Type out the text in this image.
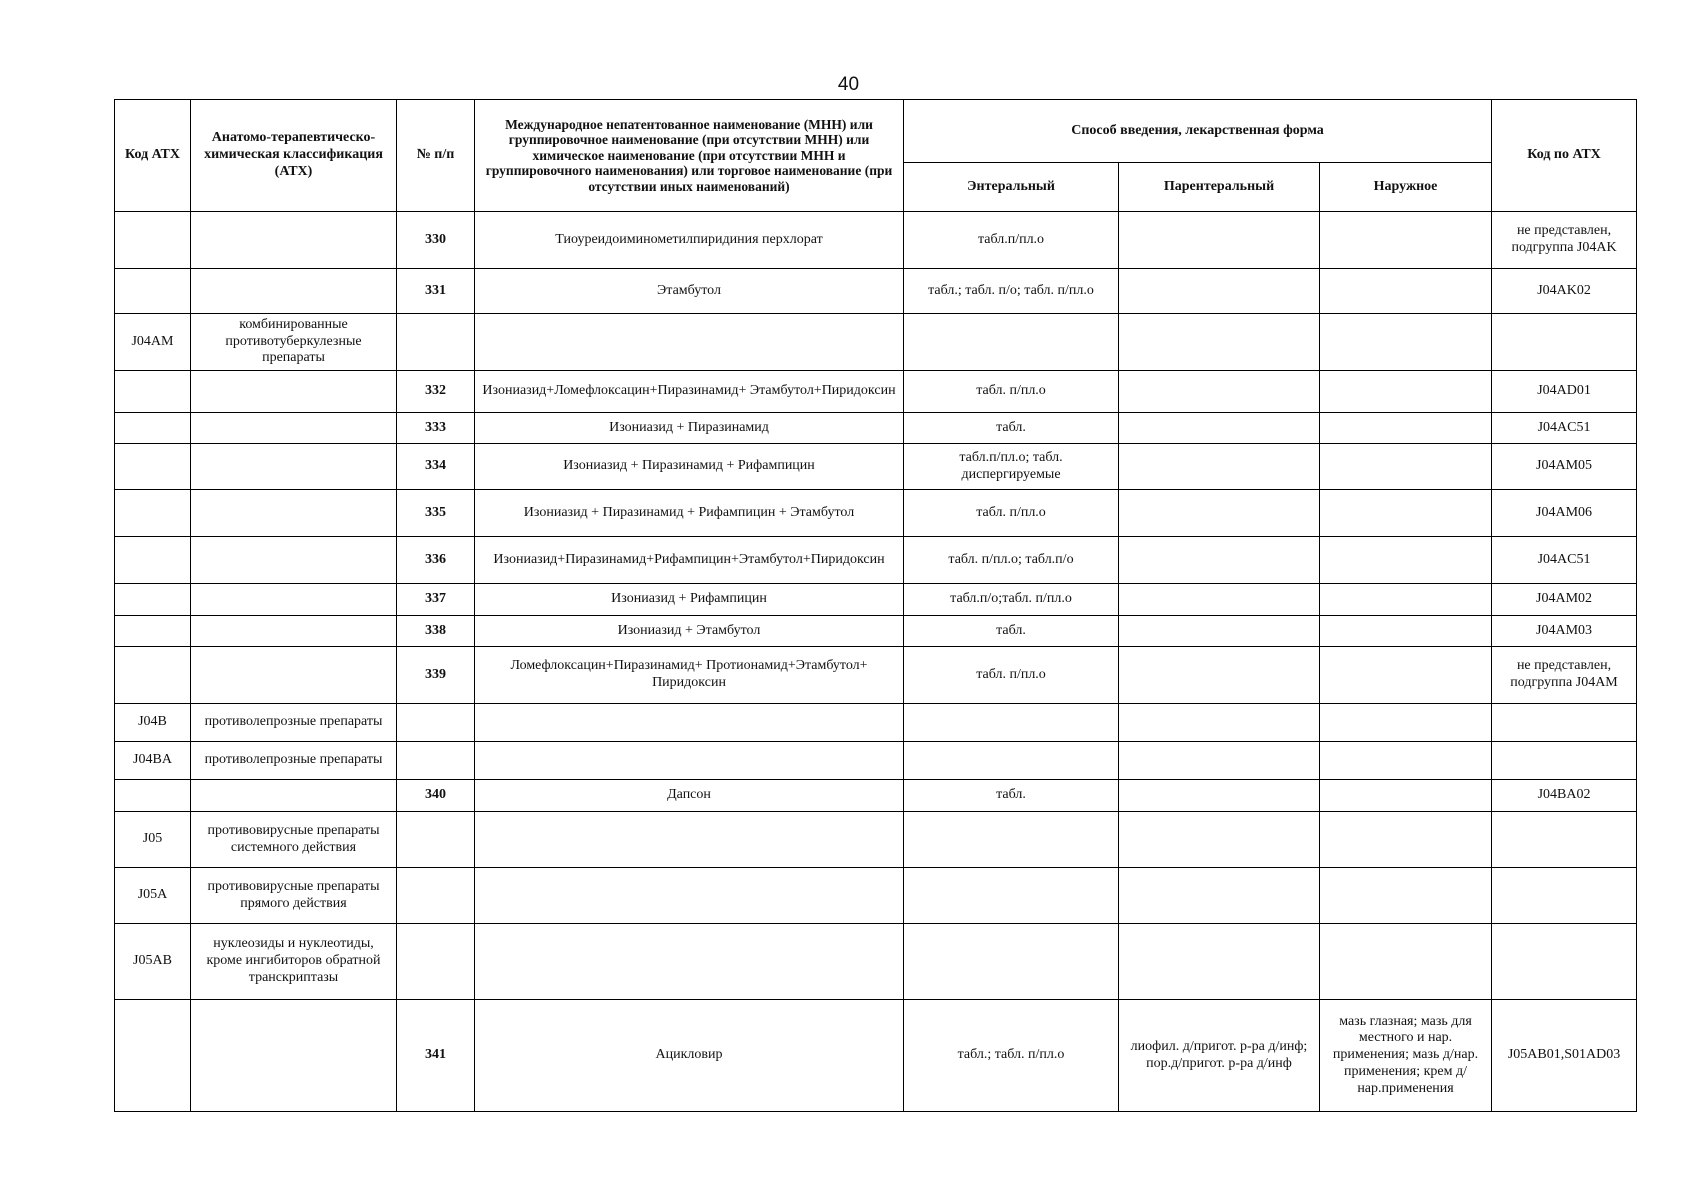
40
Код АТХ	Анатомо-терапевтическо-химическая классификация (АТХ)	№ п/п	Международное непатентованное наименование (МНН) или группировочное наименование (при отсутствии МНН) или химическое наименование (при отсутствии МНН и группировочного наименования) или торговое наименование (при отсутствии иных наименований)	Способ введения, лекарственная форма			Код по АТХ
				Энтеральный	Парентеральный	Наружное	
		330	Тиоуреидоиминометилпиридиния перхлорат	табл.п/пл.о			не представлен, подгруппа J04AK
		331	Этамбутол	табл.; табл. п/о; табл. п/пл.о			J04AK02
J04AM	комбинированные противотуберкулезные препараты						
		332	Изониазид+Ломефлоксацин+Пиразинамид+ Этамбутол+Пиридоксин	табл. п/пл.о			J04AD01
		333	Изониазид + Пиразинамид	табл.			J04AC51
		334	Изониазид + Пиразинамид + Рифампицин	табл.п/пл.о; табл. диспергируемые			J04AM05
		335	Изониазид + Пиразинамид + Рифампицин + Этамбутол	табл. п/пл.о			J04AM06
		336	Изониазид+Пиразинамид+Рифампицин+Этамбутол+Пиридоксин	табл. п/пл.о; табл.п/о			J04AC51
		337	Изониазид + Рифампицин	табл.п/о;табл. п/пл.о			J04AM02
		338	Изониазид + Этамбутол	табл.			J04AM03
		339	Ломефлоксацин+Пиразинамид+ Протионамид+Этамбутол+ Пиридоксин	табл. п/пл.о			не представлен, подгруппа J04AM
J04B	противолепрозные препараты						
J04BA	противолепрозные препараты						
		340	Дапсон	табл.			J04BA02
J05	противовирусные препараты системного действия						
J05A	противовирусные препараты прямого действия						
J05AB	нуклеозиды и нуклеотиды, кроме ингибиторов обратной транскриптазы						
		341	Ацикловир	табл.; табл. п/пл.о	лиофил. д/пригот. р-ра д/инф; пор.д/пригот. р-ра д/инф	мазь глазная; мазь для местного и нар. применения; мазь д/нар. применения; крем д/нар.применения	J05AB01,S01AD03
